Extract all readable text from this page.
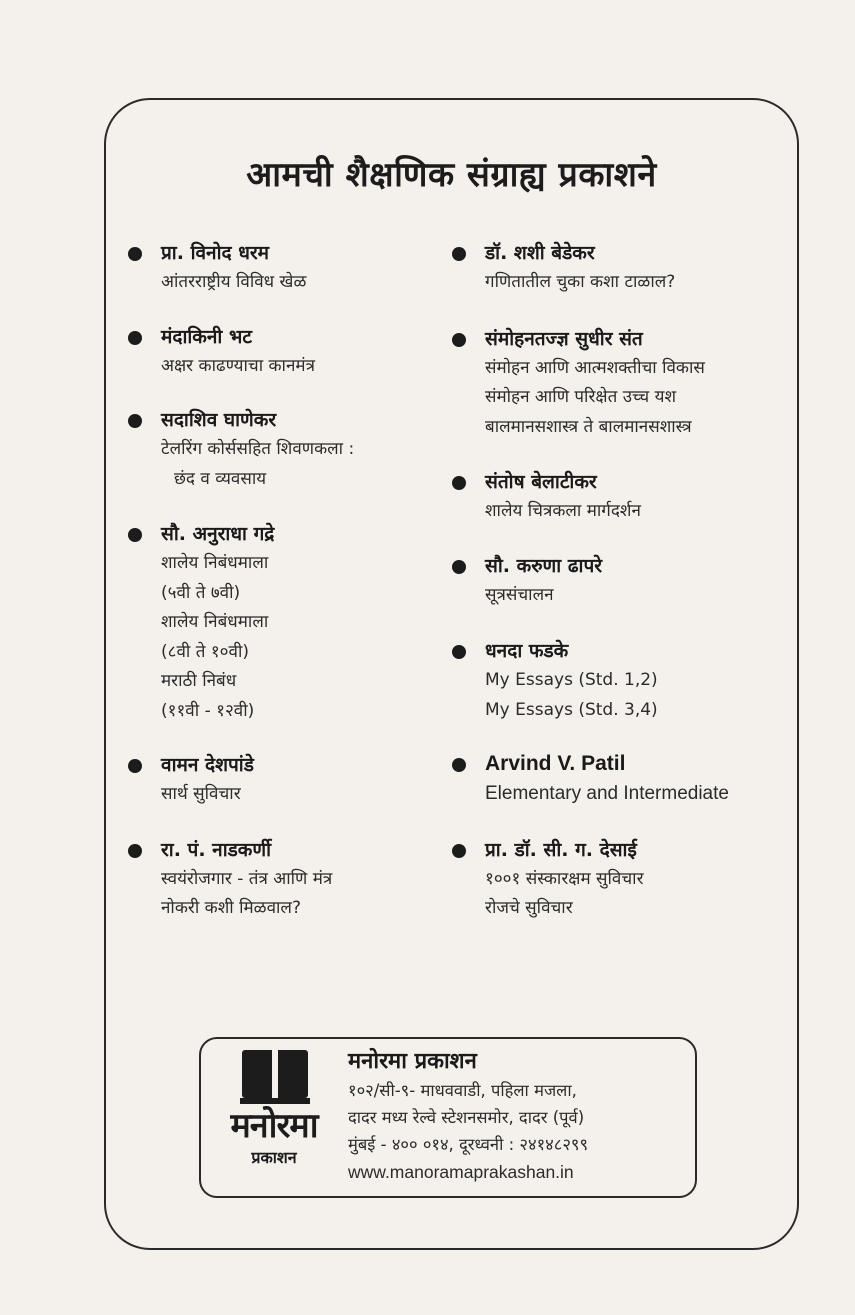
आमची शैक्षणिक संग्राह्य प्रकाशने
प्रा. विनोद धरम
आंतरराष्ट्रीय विविध खेळ
मंदाकिनी भट
अक्षर काढण्याचा कानमंत्र
सदाशिव घाणेकर
टेलरिंग कोर्ससहित शिवणकला :
छंद व व्यवसाय
सौ. अनुराधा गद्रे
शालेय निबंधमाला
(५वी ते ७वी)
शालेय निबंधमाला
(८वी ते १०वी)
मराठी निबंध
(११वी - १२वी)
वामन देशपांडे
सार्थ सुविचार
रा. पं. नाडकर्णी
स्वयंरोजगार - तंत्र आणि मंत्र
नोकरी कशी मिळवाल?
डॉ. शशी बेडेकर
गणितातील चुका कशा टाळाल?
संमोहनतज्ज्ञ सुधीर संत
संमोहन आणि आत्मशक्तीचा विकास
संमोहन आणि परिक्षेत उच्च यश
बालमानसशास्त्र ते बालमानसशास्त्र
संतोष बेलाटीकर
शालेय चित्रकला मार्गदर्शन
सौ. करुणा ढापरे
सूत्रसंचालन
धनदा फडके
My Essays (Std. 1,2)
My Essays (Std. 3,4)
Arvind V. Patil
Elementary and Intermediate
प्रा. डॉ. सी. ग. देसाई
१००१ संस्कारक्षम सुविचार
रोजचे सुविचार
मनोरमा
प्रकाशन
मनोरमा प्रकाशन
१०२/सी-९- माधववाडी, पहिला मजला,
दादर मध्य रेल्वे स्टेशनसमोर, दादर (पूर्व)
मुंबई - ४०० ०१४, दूरध्वनी : २४१४८२९९
www.manoramaprakashan.in
